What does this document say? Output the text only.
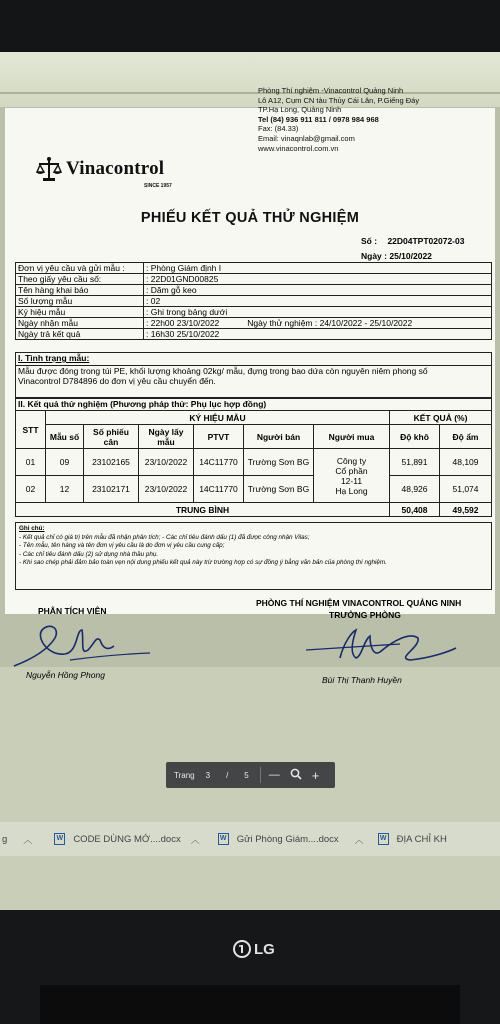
Phòng Thí nghiệm -Vinacontrol Quảng Ninh
Lô A12, Cụm CN tàu Thủy Cái Lân, P.Giếng Đáy
TP.Hạ Long, Quảng Ninh
Tel (84) 936 911 811 / 0978 984 968
Fax: (84.33)
Email: vinaqnlab@gmail.com
www.vinacontrol.com.vn
Vinacontrol
SINCE 1957
PHIẾU KẾT QUẢ THỬ NGHIỆM
Số : 22D04TPT02072-03
Ngày : 25/10/2022
Đơn vị yêu cầu và gửi mẫu :	: Phòng Giám định I
Theo giấy yêu cầu số:	: 22D01GND00825
Tên hàng khai báo	: Dăm gỗ keo
Số lượng mẫu	: 02
Ký hiệu mẫu	: Ghi trong bảng dưới
Ngày nhận mẫu	: 22h00 23/10/2022 Ngày thử nghiệm : 24/10/2022 - 25/10/2022
Ngày trả kết quả	: 16h30 25/10/2022
I. Tình trạng mẫu:
Mẫu được đóng trong túi PE, khối lượng khoảng 02kg/ mẫu, đựng trong bao dứa còn nguyên niêm phong số
Vinacontrol D784896 do đơn vị yêu cầu chuyển đến.
II. Kết quả thử nghiệm (Phương pháp thử: Phụ lục hợp đồng)
STT	KÝ HIỆU MẪU						KẾT QUẢ (%)	
	Mẫu số	Số phiếu cân	Ngày lấy mẫu	PTVT	Người bán	Người mua	Độ khô	Độ ẩm
01	09	23102165	23/10/2022	14C11770	Trường Sơn BG	Công ty
Cổ phần
12-11
Hạ Long	51,891	48,109
02	12	23102171	23/10/2022	14C11770	Trường Sơn BG		48,926	51,074
TRUNG BÌNH							50,408	49,592
Ghi chú:
- Kết quả chỉ có giá trị trên mẫu đã nhận phân tích; - Các chỉ tiêu đánh dấu (1) đã được công nhận Vilas;
- Tên mẫu, tên hàng và tên đơn vị yêu cầu là do đơn vị yêu cầu cung cấp;
- Các chỉ tiêu đánh dấu (2) sử dụng nhà thầu phụ.
- Khi sao chép phải đảm bảo toàn vẹn nội dung phiếu kết quả này trừ trường hợp có sự đồng ý bằng văn bản của phòng thí nghiệm.
PHÂN TÍCH VIÊN
Nguyễn Hồng Phong
PHÒNG THÍ NGHIỆM VINACONTROL QUẢNG NINH
TRƯỞNG PHÒNG
Bùi Thị Thanh Huyền
Trang 3 / 5 — +
g ︿	W CODE DÙNG MỚ....docx ︿	W Gửi Phòng Giám....docx ︿	W ĐỊA CHỈ KH
LG
